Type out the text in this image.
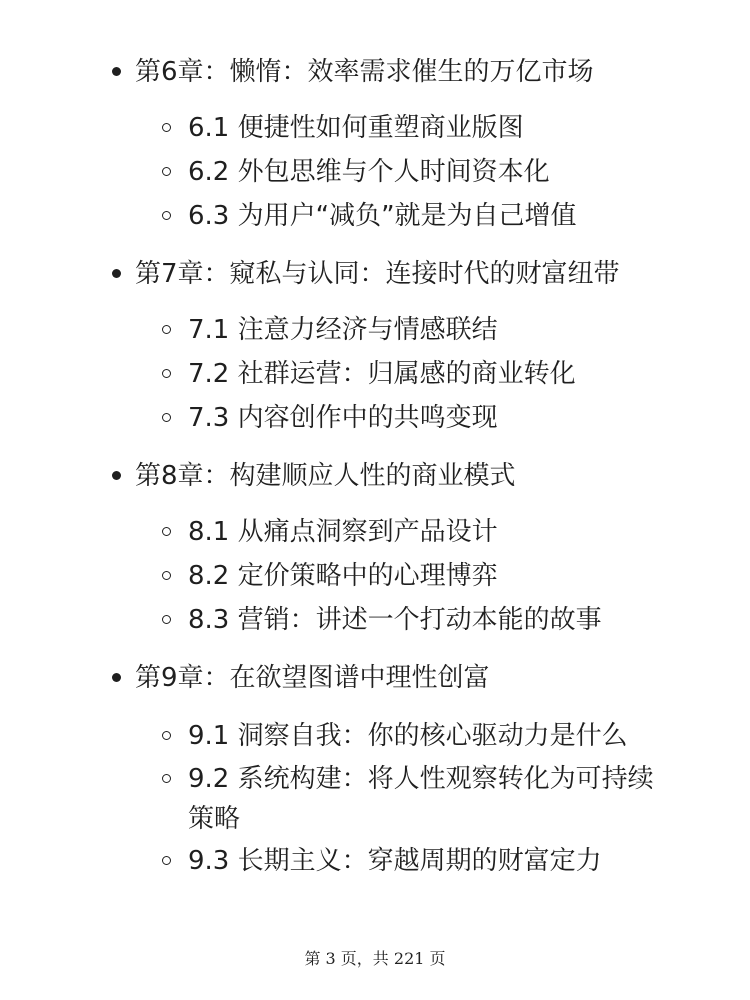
第6章：懒惰：效率需求催生的万亿市场
6.1 便捷性如何重塑商业版图
6.2 外包思维与个人时间资本化
6.3 为用户“减负”就是为自己增值
第7章：窥私与认同：连接时代的财富纽带
7.1 注意力经济与情感联结
7.2 社群运营：归属感的商业转化
7.3 内容创作中的共鸣变现
第8章：构建顺应人性的商业模式
8.1 从痛点洞察到产品设计
8.2 定价策略中的心理博弈
8.3 营销：讲述一个打动本能的故事
第9章：在欲望图谱中理性创富
9.1 洞察自我：你的核心驱动力是什么
9.2 系统构建：将人性观察转化为可持续策略
9.3 长期主义：穿越周期的财富定力
第 3 页，共 221 页
